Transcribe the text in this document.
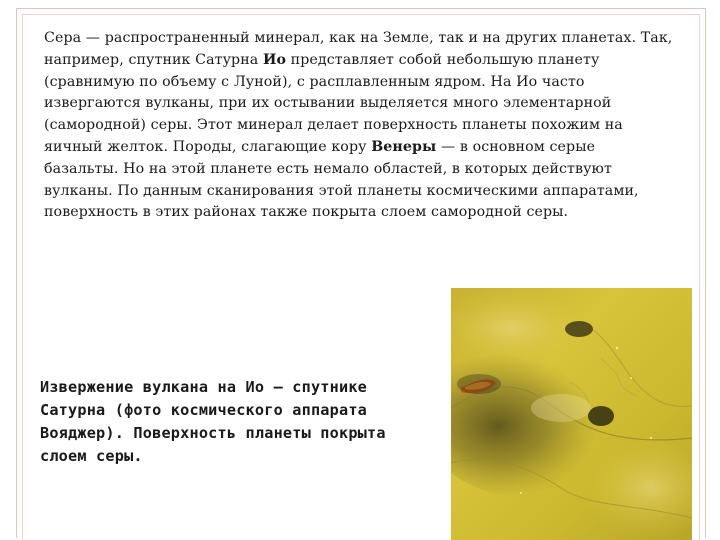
Сера — распространенный минерал, как на Земле, так и на других планетах. Так, например, спутник Сатурна Ио представляет собой небольшую планету (сравнимую по объему с Луной), с расплавленным ядром. На Ио часто извергаются вулканы, при их остывании выделяется много элементарной (самородной) серы. Этот минерал делает поверхность планеты похожим на яичный желток. Породы, слагающие кору Венеры — в основном серые базальты. Но на этой планете есть немало областей, в которых действуют вулканы. По данным сканирования этой планеты космическими аппаратами, поверхность в этих районах также покрыта слоем самородной серы.
Извержение вулкана на Ио — спутнике Сатурна (фото космического аппарата Вояджер). Поверхность планеты покрыта слоем серы.
